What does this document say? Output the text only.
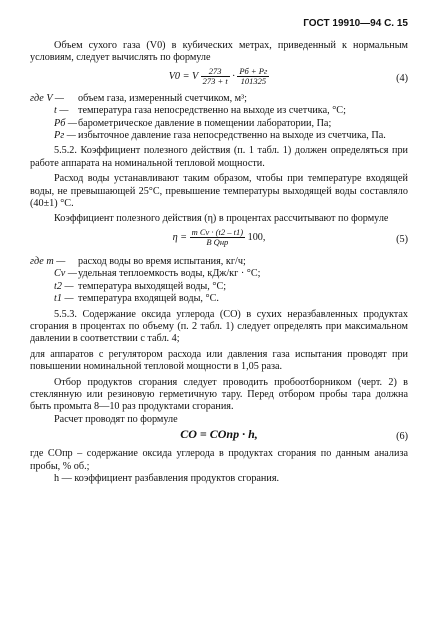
ГОСТ 19910—94 С. 15

Объем сухого газа (V0) в кубических метрах, приведенный к нормальным условиям, следует вычислять по формуле

V0 = V $\frac{273}{273 + t} \cdot \frac{Pб + Pг}{101325}$	(4)
где V —	объем газа, измеренный счетчиком, м³;
t — температура газа непосредственно на выходе из счетчика, °С;
Pб — барометрическое давление в помещении лаборатории, Па;
Pг — избыточное давление газа непосредственно на выходе из счетчика, Па.

5.5.2. Коэффициент полезного действия (п. 1 табл. 1) должен определяться при работе аппарата на номинальной тепловой мощности.

Расход воды устанавливают таким образом, чтобы при температуре входящей воды, не превышающей 25°С, превышение температуры выходящей воды составляло (40±1) °С.

Коэффициент полезного действия (η) в процентах рассчитывают по формуле

$\eta = \frac{\text{m Cv · (t2 – t1)}}{\text{B Qнр}} 100$,	(5)
где m —	расход воды во время испытания, кг/ч;
Cv — удельная теплоемкость воды, кДж/кг · °С;
t2 — температура выходящей воды, °С;
t1 — температура входящей воды, °С.

5.5.3. Содержание оксида углерода (СО) в сухих неразбавленных продуктах сгорания в процентах по объему (п. 2 табл. 1) следует определять при максимальном давлении в соответствии с табл. 4;

для аппаратов с регулятором расхода или давления газа испытания проводят при повышении номинальной тепловой мощности в 1,05 раза.

Отбор продуктов сгорания следует проводить пробоотборником (черт. 2) в стеклянную или резиновую герметичную тару. Перед отбором пробы тара должна быть промыта 8—10 раз продуктами сгорания.

Расчет проводят по формуле

CO = COпр · h,	(6)

где COпр – содержание оксида углерода в продуктах сгорания по данным анализа пробы, % об.;

h — коэффициент разбавления продуктов сгорания.
